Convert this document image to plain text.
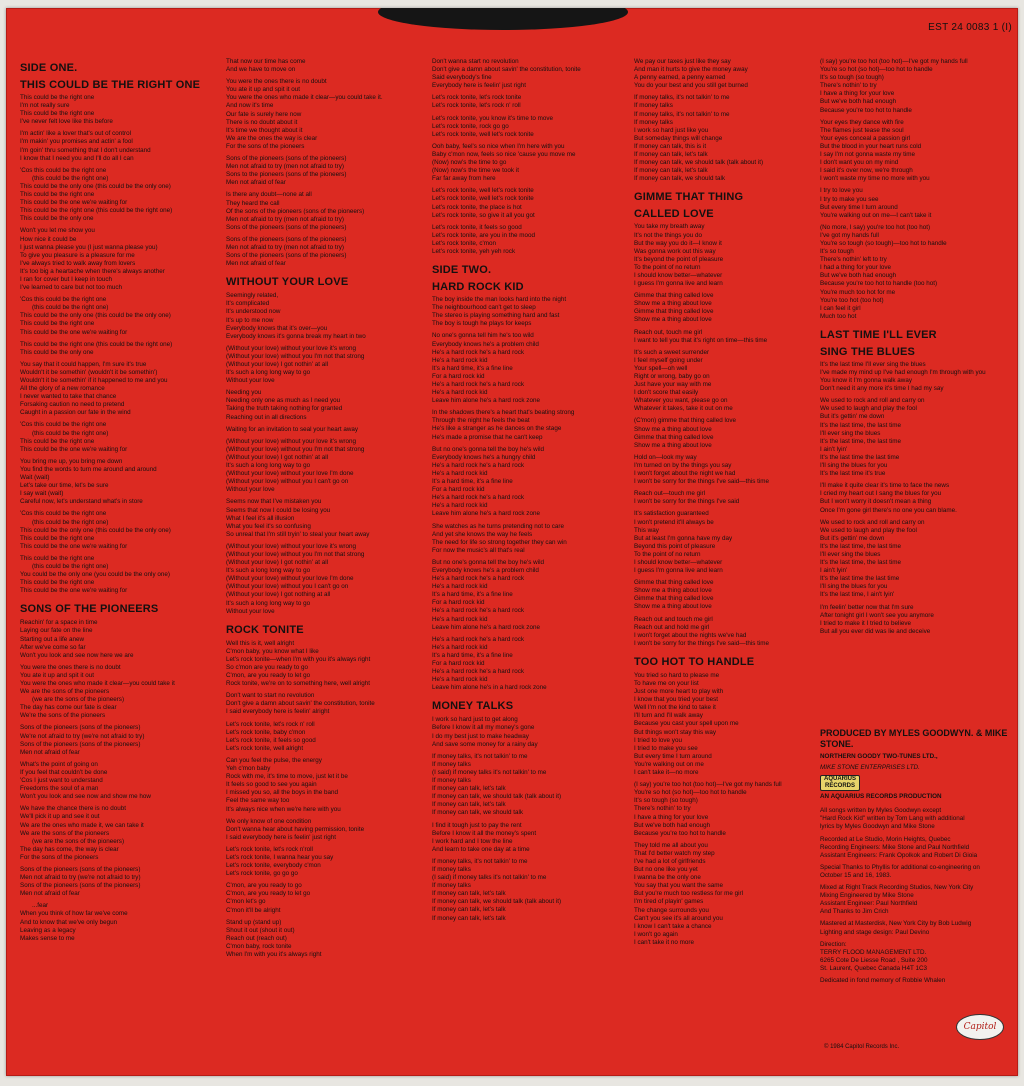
EST 24 0083 1 (I)
SIDE ONE.
THIS COULD BE THE RIGHT ONE
This could be the right one
I'm not really sure
This could be the right one
I've never felt love like this before
I'm actin' like a lover that's out of control
I'm makin' you promises and actin' a fool
I'm goin' thru something that I don't understand
I know that I need you and I'll do all I can
'Cos this could be the right one
(this could be the right one)
This could be the only one (this could be the only one)
This could be the right one
This could be the one we're waiting for
This could be the right one (this could be the right one)
This could be the only one
Won't you let me show you
How nice it could be
I just wanna please you (I just wanna please you)
To give you pleasure is a pleasure for me
I've always tried to walk away from lovers
It's too big a heartache when there's always another
I ran for cover but I keep in touch
I've learned to care but not too much
'Cos this could be the right one
(this could be the right one)
This could be the only one (this could be the only one)
This could be the right one
This could be the one we're waiting for
This could be the right one (this could be the right one)
This could be the only one
You say that it could happen, I'm sure it's true
Wouldn't it be somethin' (wouldn't it be somethin')
Wouldn't it be somethin' if it happened to me and you
All the glory of a new romance
I never wanted to take that chance
Forsaking caution no need to pretend
Caught in a passion our fate in the wind
'Cos this could be the right one
(this could be the right one)
This could be the right one
This could be the one we're waiting for
You bring me up, you bring me down
You find the words to turn me around and around
Wait (wait)
Let's take our time, let's be sure
I say wait (wait)
Careful now, let's understand what's in store
'Cos this could be the right one
(this could be the right one)
This could be the only one (this could be the only one)
This could be the right one
This could be the one we're waiting for
This could be the right one
(this could be the right one)
You could be the only one (you could be the only one)
This could be the right one
This could be the one we're waiting for
SONS OF THE PIONEERS
Reachin' for a space in time
Laying our fate on the line
Starting out a life anew
After we've come so far
Won't you look and see now here we are
You were the ones there is no doubt
You ate it up and spit it out
You were the ones who made it clear—you could take it
We are the sons of the pioneers
(we are the sons of the pioneers)
The day has come our fate is clear
We're the sons of the pioneers
Sons of the pioneers (sons of the pioneers)
We're not afraid to try (we're not afraid to try)
Sons of the pioneers (sons of the pioneers)
Men not afraid of fear
What's the point of going on
If you feel that couldn't be done
'Cos I just want to understand
Freedoms the soul of a man
Won't you look and see now and show me how
We have the chance there is no doubt
We'll pick it up and see it out
We are the ones who made it, we can take it
We are the sons of the pioneers
(we are the sons of the pioneers)
The day has come, the way is clear
For the sons of the pioneers
Sons of the pioneers (sons of the pioneers)
Men not afraid to try (we're not afraid to try)
Sons of the pioneers (sons of the pioneers)
Men not afraid of fear
...fear
When you think of how far we've come
And to know that we've only begun
Leaving as a legacy
Makes sense to me
That now our time has come
And we have to move on
You were the ones there is no doubt
You ate it up and spit it out
You were the ones who made it clear—you could take it.
And now it's time
Our fate is surely here now
There is no doubt about it
It's time we thought about it
We are the ones the way is clear
For the sons of the pioneers
Sons of the pioneers (sons of the pioneers)
Men not afraid to try (men not afraid to try)
Sons to the pioneers (sons of the pioneers)
Men not afraid of fear
Is there any doubt—none at all
They heard the call
Of the sons of the pioneers (sons of the pioneers)
Men not afraid to try (men not afraid to try)
Sons of the pioneers (sons of the pioneers)
Sons of the pioneers (sons of the pioneers)
Men not afraid to try (men not afraid to try)
Sons of the pioneers (sons of the pioneers)
Men not afraid of fear
WITHOUT YOUR LOVE
Seemingly related,
It's complicated
It's understood now
It's up to me now
Everybody knows that it's over—you
Everybody knows it's gonna break my heart in two
(Without your love) without your love it's wrong
(Without your love) without you I'm not that strong
(Without your love) I got nothin' at all
It's such a long long way to go
Without your love
Needing you
Needing only one as much as I need you
Taking the truth taking nothing for granted
Reaching out in all directions
Waiting for an invitation to seal your heart away
(Without your love) without your love it's wrong
(Without your love) without you I'm not that strong
(Without your love) I got nothin' at all
It's such a long long way to go
(Without your love) without your love I'm done
(Without your love) without you I can't go on
Without your love
Seems now that I've mistaken you
Seems that now I could be losing you
What I feel it's all illusion
What you feel it's so confusing
So unreal that I'm still tryin' to steal your heart away
(Without your love) without your love it's wrong
(Without your love) without you I'm not that strong
(Without your love) I got nothin' at all
It's such a long long way to go
(Without your love) without your love I'm done
(Without your love) without you I can't go on
(Without your love) I got nothing at all
It's such a long long way to go
Without your love
ROCK TONITE
Well this is it, well alright
C'mon baby, you know what I like
Let's rock tonite—when I'm with you it's always right
So c'mon are you ready to go
C'mon, are you ready to let go
Rock tonite, we're on to something here, well alright
Don't want to start no revolution
Don't give a damn about savin' the constitution, tonite
I said everybody here is feelin' alright
Let's rock tonite, let's rock n' roll
Let's rock tonite, baby c'mon
Let's rock tonite, it feels so good
Let's rock tonite, well alright
Can you feel the pulse, the energy
Yeh c'mon baby
Rock with me, it's time to move, just let it be
It feels so good to see you again
I missed you so, all the boys in the band
Feel the same way too
It's always nice when we're here with you
We only know of one condition
Don't wanna hear about having permission, tonite
I said everybody here is feelin' just right
Let's rock tonite, let's rock n'roll
Let's rock tonite, I wanna hear you say
Let's rock tonite, everybody c'mon
Let's rock tonite, go go go
C'mon, are you ready to go
C'mon, are you ready to let go
C'mon let's go
C'mon it'll be alright
Stand up (stand up)
Shout it out (shout it out)
Reach out (reach out)
C'mon baby, rock tonite
When I'm with you it's always right
Don't wanna start no revolution
Don't give a damn about savin' the constitution, tonite
Said everybody's fine
Everybody here is feelin' just right
Let's rock tonite, let's rock tonite
Let's rock tonite, let's rock n' roll
Let's rock tonite, you know it's time to move
Let's rock tonite, rock go go
Let's rock tonite, well let's rock tonite
Ooh baby, feel's so nice when I'm here with you
Baby c'mon now, feels so nice 'cause you move me
(Now) now's the time to go
(Now) now's the time we took it
Far far away from here
Let's rock tonite, well let's rock tonite
Let's rock tonite, well let's rock tonite
Let's rock tonite, the place is hot
Let's rock tonite, so give it all you got
Let's rock tonite, it feels so good
Let's rock tonite, are you in the mood
Let's rock tonite, c'mon
Let's rock tonite, yeh yeh rock
SIDE TWO.
HARD ROCK KID
The boy inside the man looks hard into the night
The neighbourhood can't get to sleep
The stereo is playing something hard and fast
The boy is tough he plays for keeps
No one's gonna tell him he's too wild
Everybody knows he's a problem child
He's a hard rock he's a hard rock
He's a hard rock kid
It's a hard time, it's a fine line
For a hard rock kid
He's a hard rock he's a hard rock
He's a hard rock kid
Leave him alone he's a hard rock zone
In the shadows there's a heart that's beating strong
Through the night he feels the beat
He's like a stranger as he dances on the stage
He's made a promise that he can't keep
But no one's gonna tell the boy he's wild
Everybody knows he's a hungry child
He's a hard rock he's a hard rock
He's a hard rock kid
It's a hard time, it's a fine line
For a hard rock kid
He's a hard rock he's a hard rock
He's a hard rock kid
Leave him alone he's a hard rock zone
She watches as he turns pretending not to care
And yet she knows the way he feels
The need for life so strong together they can win
For now the music's all that's real
But no one's gonna tell the boy he's wild
Everybody knows he's a problem child
He's a hard rock he's a hard rock
He's a hard rock kid
It's a hard time, it's a fine line
For a hard rock kid
He's a hard rock he's a hard rock
He's a hard rock kid
Leave him alone he's a hard rock zone
He's a hard rock he's a hard rock
He's a hard rock kid
It's a hard time, it's a fine line
For a hard rock kid
He's a hard rock he's a hard rock
He's a hard rock kid
Leave him alone he's in a hard rock zone
MONEY TALKS
I work so hard just to get along
Before I know it all my money's gone
I do my best just to make headway
And save some money for a rainy day
If money talks, it's not talkin' to me
If money talks
(I said) if money talks it's not talkin' to me
If money talks
If money can talk, let's talk
If money can talk, we should talk (talk about it)
If money can talk, let's talk
If money can talk, we should talk
I find it tough just to pay the rent
Before I know it all the money's spent
I work hard and I tow the line
And learn to take one day at a time
If money talks, it's not talkin' to me
If money talks
(I said) if money talks it's not talkin' to me
If money talks
If money can talk, let's talk
If money can talk, we should talk (talk about it)
If money can talk, let's talk
If money can talk, let's talk
We pay our taxes just like they say
And man it hurts to give the money away
A penny earned, a penny earned
You do your best and you still get burned
If money talks, it's not talkin' to me
If money talks
If money talks, it's not talkin' to me
If money talks
I work so hard just like you
But someday things will change
If money can talk, this is it
If money can talk, let's talk
If money can talk, we should talk (talk about it)
If money can talk, let's talk
If money can talk, we should talk
GIMME THAT THING
CALLED LOVE
You take my breath away
It's not the things you do
But the way you do it—I know it
Was gonna work out this way
It's beyond the point of pleasure
To the point of no return
I should know better—whatever
I guess I'm gonna live and learn
Gimme that thing called love
Show me a thing about love
Gimme that thing called love
Show me a thing about love
Reach out, touch me girl
I want to tell you that it's right on time—this time
It's such a sweet surrender
I feel myself going under
Your spell—oh well
Right or wrong, baby go on
Just have your way with me
I don't score that easily
Whatever you want, please go on
Whatever it takes, take it out on me
(C'mon) gimme that thing called love
Show me a thing about love
Gimme that thing called love
Show me a thing about love
Hold on—look my way
I'm turned on by the things you say
I won't forget about the night we had
I won't be sorry for the things I've said—this time
Reach out—touch me girl
I won't be sorry for the things I've said
It's satisfaction guaranteed
I won't pretend it'll always be
This way
But at least I'm gonna have my day
Beyond this point of pleasure
To the point of no return
I should know better—whatever
I guess I'm gonna live and learn
Gimme that thing called love
Show me a thing about love
Gimme that thing called love
Show me a thing about love
Reach out and touch me girl
Reach out and hold me girl
I won't forget about the nights we've had
I won't be sorry for the things I've said—this time
TOO HOT TO HANDLE
You tried so hard to please me
To have me on your list
Just one more heart to play with
I know that you tried your best
Well I'm not the kind to take it
I'll turn and I'll walk away
Because you cast your spell upon me
But things won't stay this way
I tried to love you
I tried to make you see
But every time I turn around
You're walking out on me
I can't take it—no more
(I say) you're too hot (too hot)—I've got my hands full
You're so hot (so hot)—too hot to handle
It's so tough (so tough)
There's nothin' to try
I have a thing for your love
But we've both had enough
Because you're too hot to handle
They told me all about you
That I'd better watch my step
I've had a lot of girlfriends
But no one like you yet
I wanna be the only one
You say that you want the same
But you're much too restless for me girl
I'm tired of playin' games
The change surrounds you
Can't you see it's all around you
I know I can't take a chance
I won't go again
I can't take it no more
(I say) you're too hot (too hot)—I've got my hands full
You're so hot (so hot)—too hot to handle
It's so tough (so tough)
There's nothin' to try
I have a thing for your love
But we've both had enough
Because you're too hot to handle
Your eyes they dance with fire
The flames just tease the soul
Your eyes conceal a passion girl
But the blood in your heart runs cold
I say I'm not gonna waste my time
I don't want you on my mind
I said it's over now, we're through
I won't waste my time no more with you
I try to love you
I try to make you see
But every time I turn around
You're walking out on me—I can't take it
(No more, I say) you're too hot (too hot)
I've got my hands full
You're so tough (so tough)—too hot to handle
It's so tough
There's nothin' left to try
I had a thing for your love
But we've both had enough
Because you're too hot to handle (too hot)
You're much too hot for me
You're too hot (too hot)
I can feel it girl
Much too hot
LAST TIME I'LL EVER
SING THE BLUES
It's the last time I'll ever sing the blues
I've made my mind up I've had enough I'm through with you
You know it I'm gonna walk away
Don't need it any more it's time I had my say
We used to rock and roll and carry on
We used to laugh and play the fool
But it's gettin' me down
It's the last time, the last time
I'll ever sing the blues
It's the last time, the last time
I ain't lyin'
It's the last time the last time
I'll sing the blues for you
It's the last time it's true
I'll make it quite clear it's time to face the news
I cried my heart out I sang the blues for you
But I won't worry it doesn't mean a thing
Once I'm gone girl there's no one you can blame.
We used to rock and roll and carry on
We used to laugh and play the fool
But it's gettin' me down
It's the last time, the last time
I'll ever sing the blues
It's the last time, the last time
I ain't lyin'
It's the last time the last time
I'll sing the blues for you
It's the last time, I ain't lyin'
I'm feelin' better now that I'm sure
After tonight girl I won't see you anymore
I tried to make it I tried to believe
But all you ever did was lie and deceive
PRODUCED BY MYLES GOODWYN. & MIKE STONE.
NORTHERN GOODY TWO-TUNES LTD.,
MIKE STONE ENTERPRISES LTD.
AQUARIUS RECORDS
AN AQUARIUS RECORDS PRODUCTION
All songs written by Myles Goodwyn except
"Hard Rock Kid" written by Tom Lang with additional
lyrics by Myles Goodwyn and Mike Stone
Recorded at Le Studio, Morin Heights, Quebec
Recording Engineers: Mike Stone and Paul Northfield
Assistant Engineers: Frank Opolkok and Robert Di Gioia
Special Thanks to Phyllis for additional co-engineering on
October 15 and 16, 1983.
Mixed at Right Track Recording Studios, New York City
Mixing Engineered by Mike Stone
Assistant Engineer: Paul Northfield
And Thanks to Jim Crich
Mastered at Masterdisk, New York City by Bob Ludwig
Lighting and stage design: Paul Devino
Direction:
TERRY FLOOD MANAGEMENT LTD.
6265 Cote De Liesse Road , Suite 200
St. Laurent, Quebec Canada H4T 1C3
Dedicated in fond memory of Robbie Whalen
Capitol
© 1984 Capitol Records Inc.
